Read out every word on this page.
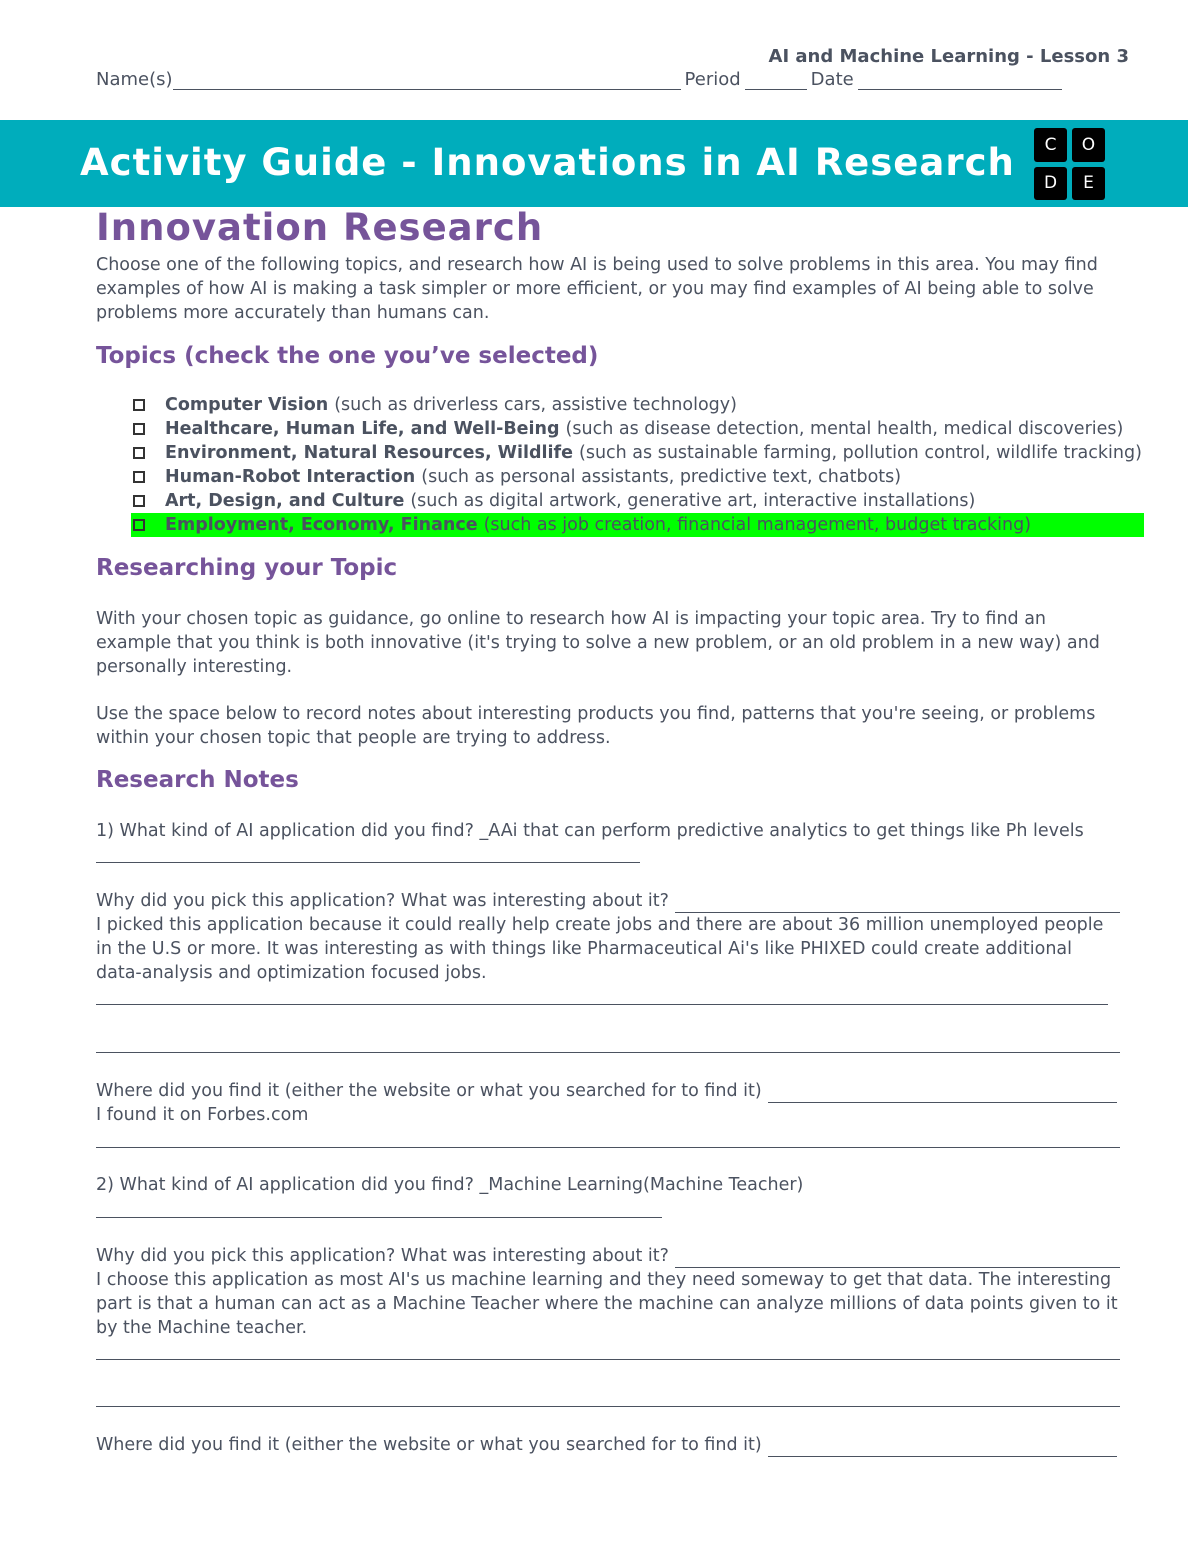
AI and Machine Learning - Lesson 3
Name(s)	Period	Date
Activity Guide - Innovations in AI Research	C	O
D	E
Innovation Research
Choose one of the following topics, and research how AI is being used to solve problems in this area. You may find examples of how AI is making a task simpler or more efficient, or you may find examples of AI being able to solve problems more accurately than humans can.
Topics (check the one you’ve selected)
Computer Vision (such as driverless cars, assistive technology)
Healthcare, Human Life, and Well-Being (such as disease detection, mental health, medical discoveries)
Environment, Natural Resources, Wildlife (such as sustainable farming, pollution control, wildlife tracking)
Human-Robot Interaction (such as personal assistants, predictive text, chatbots)
Art, Design, and Culture (such as digital artwork, generative art, interactive installations)
Employment, Economy, Finance (such as job creation, financial management, budget tracking)
Researching your Topic
With your chosen topic as guidance, go online to research how AI is impacting your topic area. Try to find an example that you think is both innovative (it's trying to solve a new problem, or an old problem in a new way) and personally interesting.
Use the space below to record notes about interesting products you find, patterns that you're seeing, or problems within your chosen topic that people are trying to address.
Research Notes
1) What kind of AI application did you find? _AAi that can perform predictive analytics to get things like Ph levels
Why did you pick this application? What was interesting about it?
I picked this application because it could really help create jobs and there are about 36 million unemployed people in the U.S or more. It was interesting as with things like Pharmaceutical Ai's like PHIXED could create additional data-analysis and optimization focused jobs.
Where did you find it (either the website or what you searched for to find it)
I found it on Forbes.com
2) What kind of AI application did you find? _Machine Learning(Machine Teacher)
Why did you pick this application? What was interesting about it?
I choose this application as most AI's us machine learning and they need someway to get that data. The interesting part is that a human can act as a Machine Teacher where the machine can analyze millions of data points given to it by the Machine teacher.
Where did you find it (either the website or what you searched for to find it)
